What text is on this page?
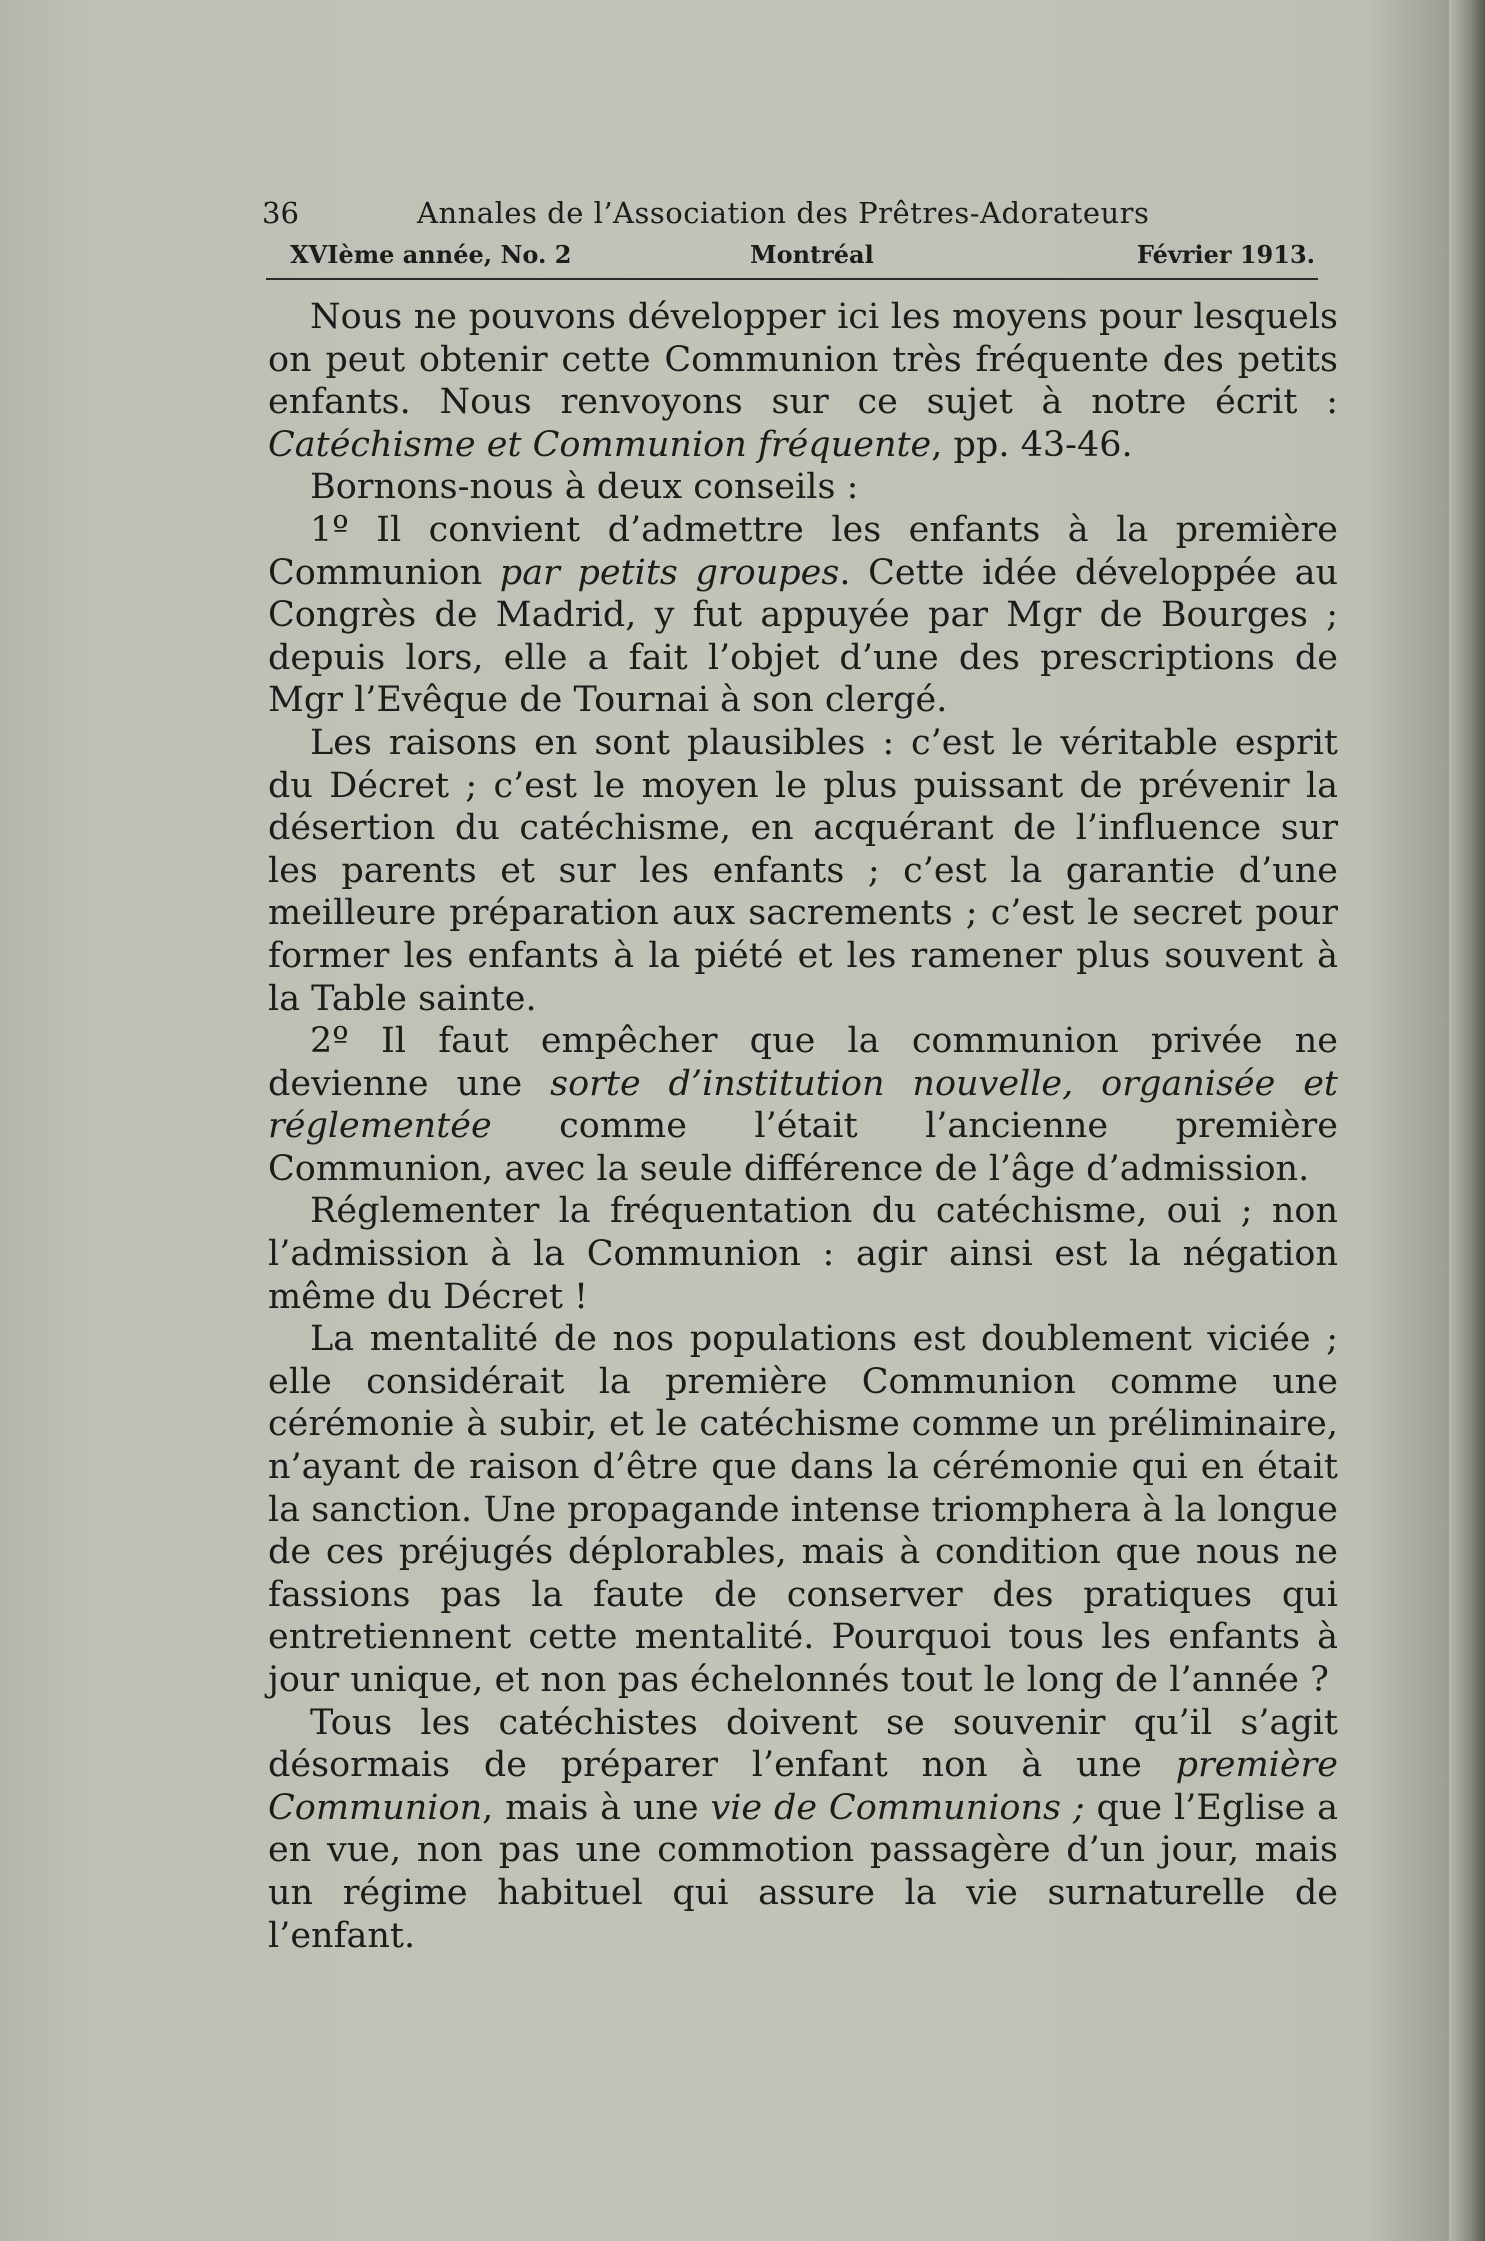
36	Annales de l’Association des Prêtres-Adorateurs
XVIème année, No. 2	Montréal	Février 1913.

Nous ne pouvons développer ici les moyens pour lesquels on peut obtenir cette Communion très fréquente des petits enfants. Nous renvoyons sur ce sujet à notre écrit : Catéchisme et Communion fréquente, pp. 43-46.

Bornons-nous à deux conseils :

1º Il convient d’admettre les enfants à la première Communion par petits groupes. Cette idée développée au Congrès de Madrid, y fut appuyée par Mgr de Bourges ; depuis lors, elle a fait l’objet d’une des prescriptions de Mgr l’Evêque de Tournai à son clergé.

Les raisons en sont plausibles : c’est le véritable esprit du Décret ; c’est le moyen le plus puissant de prévenir la désertion du catéchisme, en acquérant de l’influence sur les parents et sur les enfants ; c’est la garantie d’une meilleure préparation aux sacrements ; c’est le secret pour former les enfants à la piété et les ramener plus souvent à la Table sainte.

2º Il faut empêcher que la communion privée ne devienne une sorte d’institution nouvelle, organisée et réglementée comme l’était l’ancienne première Communion, avec la seule différence de l’âge d’admission.

Réglementer la fréquentation du catéchisme, oui ; non l’admission à la Communion : agir ainsi est la négation même du Décret !

La mentalité de nos populations est doublement viciée ; elle considérait la première Communion comme une cérémonie à subir, et le catéchisme comme un préliminaire, n’ayant de raison d’être que dans la cérémonie qui en était la sanction. Une propagande intense triomphera à la longue de ces préjugés déplorables, mais à condition que nous ne fassions pas la faute de conserver des pratiques qui entretiennent cette mentalité. Pourquoi tous les enfants à jour unique, et non pas échelonnés tout le long de l’année ?

Tous les catéchistes doivent se souvenir qu’il s’agit désormais de préparer l’enfant non à une première Communion, mais à une vie de Communions ; que l’Eglise a en vue, non pas une commotion passagère d’un jour, mais un régime habituel qui assure la vie surnaturelle de l’enfant.
